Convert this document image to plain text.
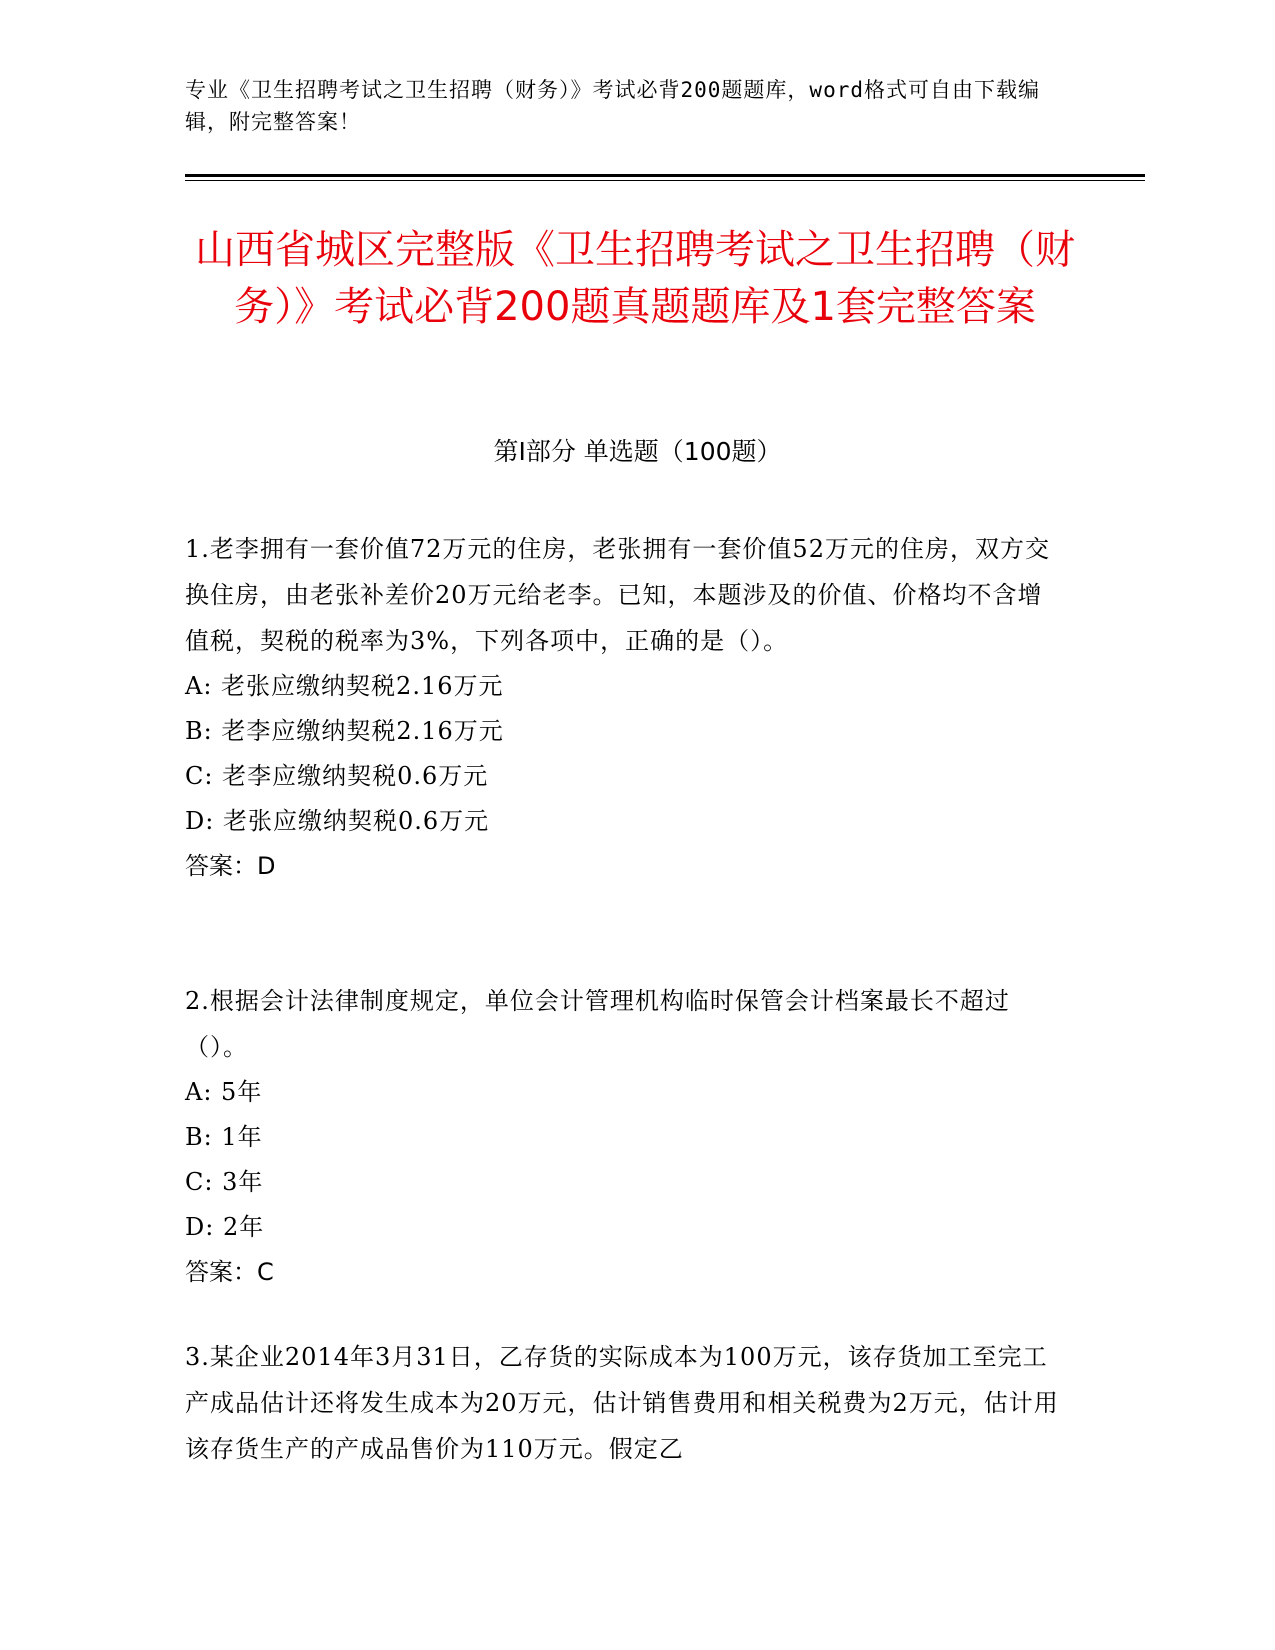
专业《卫生招聘考试之卫生招聘（财务）》考试必背200题题库，word格式可自由下载编辑，附完整答案！
山西省城区完整版《卫生招聘考试之卫生招聘（财务）》考试必背200题真题题库及1套完整答案
第I部分 单选题（100题）

1.老李拥有一套价值72万元的住房，老张拥有一套价值52万元的住房，双方交换住房，由老张补差价20万元给老李。已知，本题涉及的价值、价格均不含增值税，契税的税率为3%，下列各项中，正确的是（）。

A: 老张应缴纳契税2.16万元

B: 老李应缴纳契税2.16万元

C: 老李应缴纳契税0.6万元

D: 老张应缴纳契税0.6万元

答案：D

2.根据会计法律制度规定，单位会计管理机构临时保管会计档案最长不超过（）。

A: 5年

B: 1年

C: 3年

D: 2年

答案：C

3.某企业2014年3月31日，乙存货的实际成本为100万元，该存货加工至完工产成品估计还将发生成本为20万元，估计销售费用和相关税费为2万元，估计用该存货生产的产成品售价为110万元。假定乙
